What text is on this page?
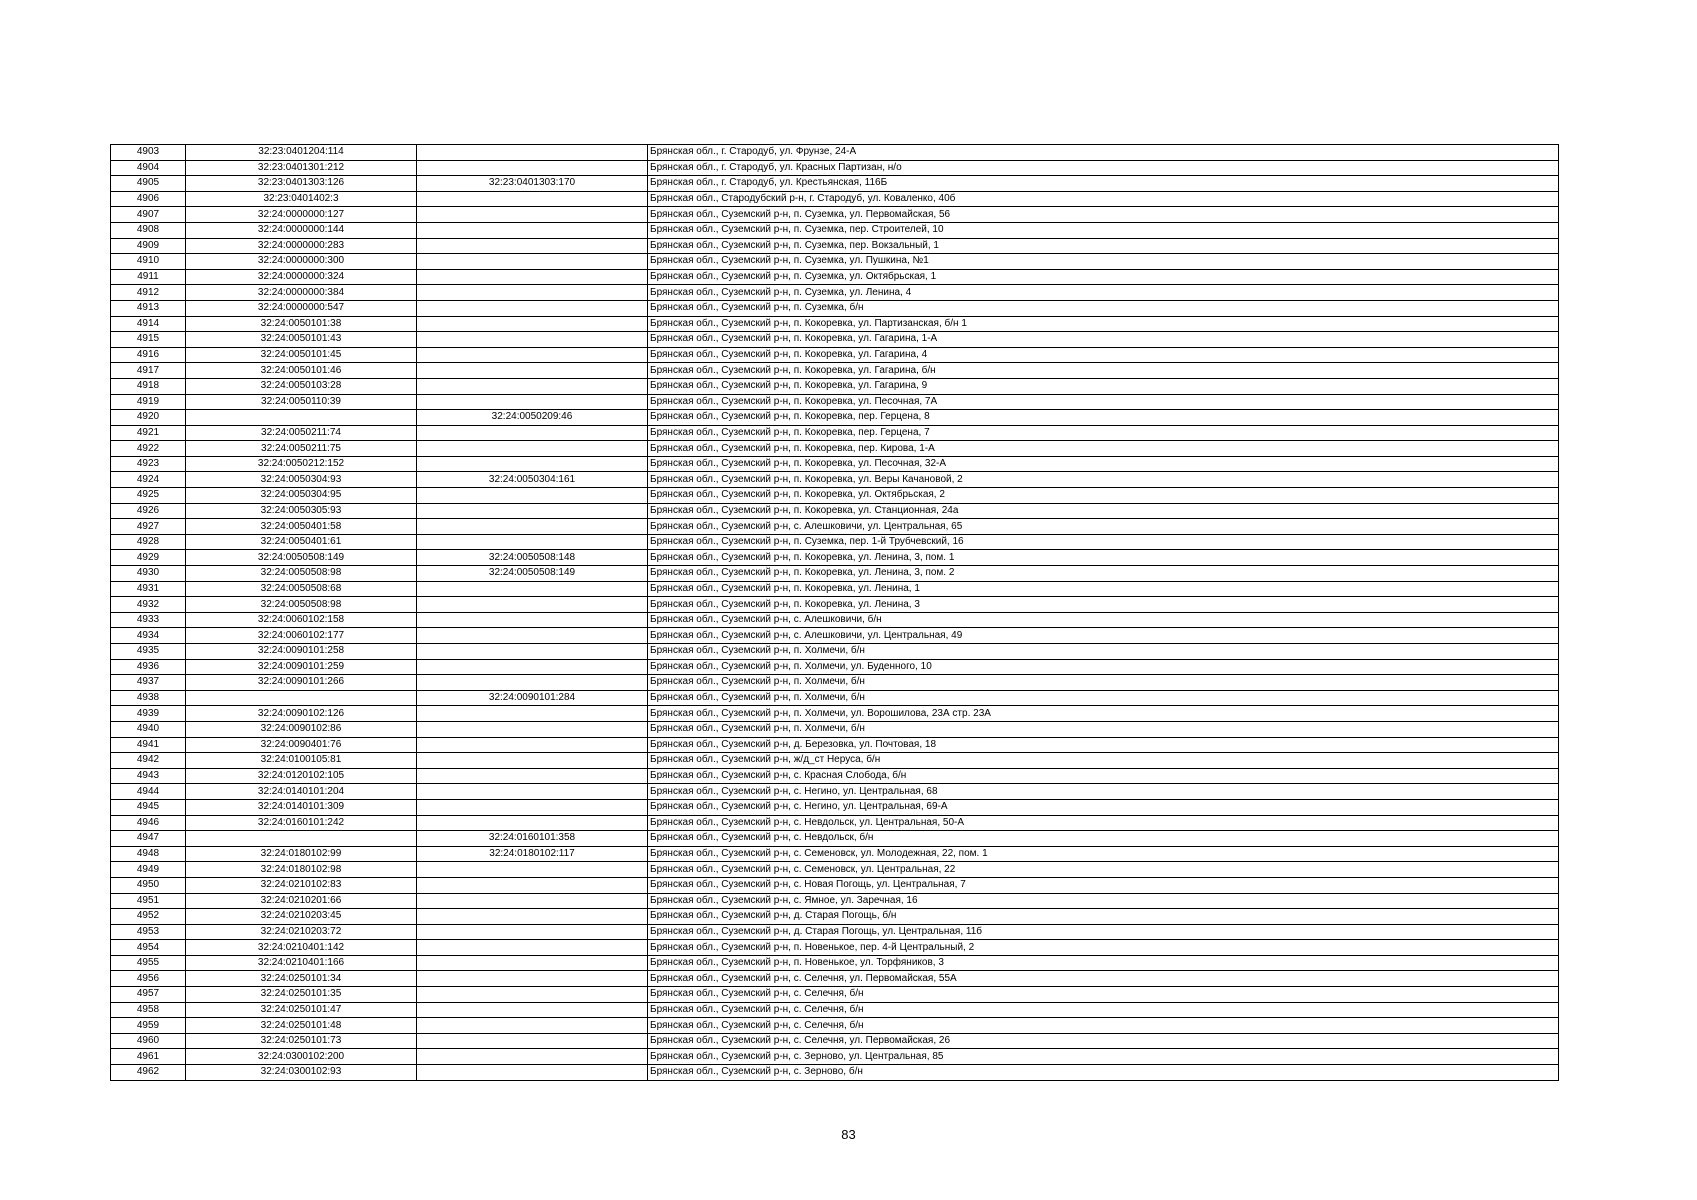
4903	32:23:0401204:114		Брянская обл., г. Стародуб, ул. Фрунзе, 24-А
4904	32:23:0401301:212		Брянская обл., г. Стародуб, ул. Красных Партизан, н/о
4905	32:23:0401303:126	32:23:0401303:170	Брянская обл., г. Стародуб, ул. Крестьянская, 116Б
4906	32:23:0401402:3		Брянская обл., Стародубский р-н, г. Стародуб, ул. Коваленко, 40б
4907	32:24:0000000:127		Брянская обл., Суземский р-н, п. Суземка, ул. Первомайская, 56
4908	32:24:0000000:144		Брянская обл., Суземский р-н, п. Суземка, пер. Строителей, 10
4909	32:24:0000000:283		Брянская обл., Суземский р-н, п. Суземка, пер. Вокзальный, 1
4910	32:24:0000000:300		Брянская обл., Суземский р-н, п. Суземка, ул. Пушкина, №1
4911	32:24:0000000:324		Брянская обл., Суземский р-н, п. Суземка, ул. Октябрьская, 1
4912	32:24:0000000:384		Брянская обл., Суземский р-н, п. Суземка, ул. Ленина, 4
4913	32:24:0000000:547		Брянская обл., Суземский р-н, п. Суземка, б/н
4914	32:24:0050101:38		Брянская обл., Суземский р-н, п. Кокоревка, ул. Партизанская, б/н 1
4915	32:24:0050101:43		Брянская обл., Суземский р-н, п. Кокоревка, ул. Гагарина, 1-А
4916	32:24:0050101:45		Брянская обл., Суземский р-н, п. Кокоревка, ул. Гагарина, 4
4917	32:24:0050101:46		Брянская обл., Суземский р-н, п. Кокоревка, ул. Гагарина, б/н
4918	32:24:0050103:28		Брянская обл., Суземский р-н, п. Кокоревка, ул. Гагарина, 9
4919	32:24:0050110:39		Брянская обл., Суземский р-н, п. Кокоревка, ул. Песочная, 7А
4920		32:24:0050209:46	Брянская обл., Суземский р-н, п. Кокоревка, пер. Герцена, 8
4921	32:24:0050211:74		Брянская обл., Суземский р-н, п. Кокоревка, пер. Герцена, 7
4922	32:24:0050211:75		Брянская обл., Суземский р-н, п. Кокоревка, пер. Кирова, 1-А
4923	32:24:0050212:152		Брянская обл., Суземский р-н, п. Кокоревка, ул. Песочная, 32-А
4924	32:24:0050304:93	32:24:0050304:161	Брянская обл., Суземский р-н, п. Кокоревка, ул. Веры Качановой, 2
4925	32:24:0050304:95		Брянская обл., Суземский р-н, п. Кокоревка, ул. Октябрьская, 2
4926	32:24:0050305:93		Брянская обл., Суземский р-н, п. Кокоревка, ул. Станционная, 24а
4927	32:24:0050401:58		Брянская обл., Суземский р-н, с. Алешковичи, ул. Центральная, 65
4928	32:24:0050401:61		Брянская обл., Суземский р-н, п. Суземка, пер. 1-й Трубчевский, 16
4929	32:24:0050508:149	32:24:0050508:148	Брянская обл., Суземский р-н, п. Кокоревка, ул. Ленина, 3, пом. 1
4930	32:24:0050508:98	32:24:0050508:149	Брянская обл., Суземский р-н, п. Кокоревка, ул. Ленина, 3, пом. 2
4931	32:24:0050508:68		Брянская обл., Суземский р-н, п. Кокоревка, ул. Ленина, 1
4932	32:24:0050508:98		Брянская обл., Суземский р-н, п. Кокоревка, ул. Ленина, 3
4933	32:24:0060102:158		Брянская обл., Суземский р-н, с. Алешковичи, б/н
4934	32:24:0060102:177		Брянская обл., Суземский р-н, с. Алешковичи, ул. Центральная, 49
4935	32:24:0090101:258		Брянская обл., Суземский р-н, п. Холмечи, б/н
4936	32:24:0090101:259		Брянская обл., Суземский р-н, п. Холмечи, ул. Буденного, 10
4937	32:24:0090101:266		Брянская обл., Суземский р-н, п. Холмечи, б/н
4938		32:24:0090101:284	Брянская обл., Суземский р-н, п. Холмечи, б/н
4939	32:24:0090102:126		Брянская обл., Суземский р-н, п. Холмечи, ул. Ворошилова, 23А стр. 23А
4940	32:24:0090102:86		Брянская обл., Суземский р-н, п. Холмечи, б/н
4941	32:24:0090401:76		Брянская обл., Суземский р-н, д. Березовка, ул. Почтовая, 18
4942	32:24:0100105:81		Брянская обл., Суземский р-н, ж/д_ст Неруса, б/н
4943	32:24:0120102:105		Брянская обл., Суземский р-н, с. Красная Слобода, б/н
4944	32:24:0140101:204		Брянская обл., Суземский р-н, с. Негино, ул. Центральная, 68
4945	32:24:0140101:309		Брянская обл., Суземский р-н, с. Негино, ул. Центральная, 69-А
4946	32:24:0160101:242		Брянская обл., Суземский р-н, с. Невдольск, ул. Центральная, 50-А
4947		32:24:0160101:358	Брянская обл., Суземский р-н, с. Невдольск, б/н
4948	32:24:0180102:99	32:24:0180102:117	Брянская обл., Суземский р-н, с. Семеновск, ул. Молодежная, 22, пом. 1
4949	32:24:0180102:98		Брянская обл., Суземский р-н, с. Семеновск, ул. Центральная, 22
4950	32:24:0210102:83		Брянская обл., Суземский р-н, с. Новая Погощь, ул. Центральная, 7
4951	32:24:0210201:66		Брянская обл., Суземский р-н, с. Ямное, ул. Заречная, 16
4952	32:24:0210203:45		Брянская обл., Суземский р-н, д. Старая Погощь, б/н
4953	32:24:0210203:72		Брянская обл., Суземский р-н, д. Старая Погощь, ул. Центральная, 11б
4954	32:24:0210401:142		Брянская обл., Суземский р-н, п. Новенькое, пер. 4-й Центральный, 2
4955	32:24:0210401:166		Брянская обл., Суземский р-н, п. Новенькое, ул. Торфяников, 3
4956	32:24:0250101:34		Брянская обл., Суземский р-н, с. Селечня, ул. Первомайская, 55А
4957	32:24:0250101:35		Брянская обл., Суземский р-н, с. Селечня, б/н
4958	32:24:0250101:47		Брянская обл., Суземский р-н, с. Селечня, б/н
4959	32:24:0250101:48		Брянская обл., Суземский р-н, с. Селечня, б/н
4960	32:24:0250101:73		Брянская обл., Суземский р-н, с. Селечня, ул. Первомайская, 26
4961	32:24:0300102:200		Брянская обл., Суземский р-н, с. Зерново, ул. Центральная, 85
4962	32:24:0300102:93		Брянская обл., Суземский р-н, с. Зерново, б/н
83
